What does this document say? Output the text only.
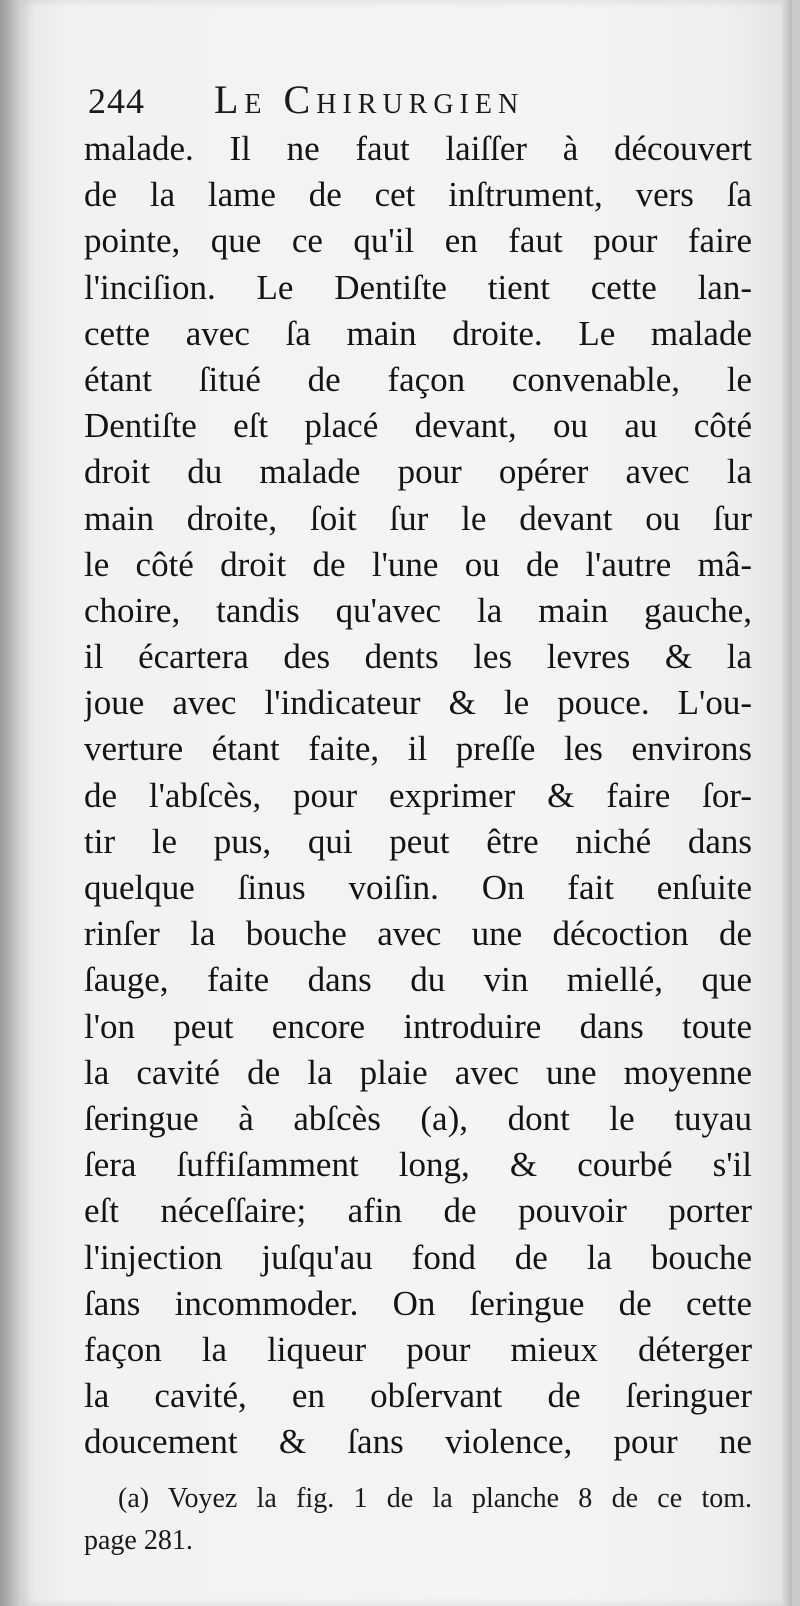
244 Le Chirurgien
malade. Il ne faut laiſſer à découvert
de la lame de cet inſtrument, vers ſa
pointe, que ce qu'il en faut pour faire
l'inciſion. Le Dentiſte tient cette lan-
cette avec ſa main droite. Le malade
étant ſitué de façon convenable, le
Dentiſte eſt placé devant, ou au côté
droit du malade pour opérer avec la
main droite, ſoit ſur le devant ou ſur
le côté droit de l'une ou de l'autre mâ-
choire, tandis qu'avec la main gauche,
il écartera des dents les levres & la
joue avec l'indicateur & le pouce. L'ou-
verture étant faite, il preſſe les environs
de l'abſcès, pour exprimer & faire ſor-
tir le pus, qui peut être niché dans
quelque ſinus voiſin. On fait enſuite
rinſer la bouche avec une décoction de
ſauge, faite dans du vin miellé, que
l'on peut encore introduire dans toute
la cavité de la plaie avec une moyenne
ſeringue à abſcès (a), dont le tuyau
ſera ſuffiſamment long, & courbé s'il
eſt néceſſaire; afin de pouvoir porter
l'injection juſqu'au fond de la bouche
ſans incommoder. On ſeringue de cette
façon la liqueur pour mieux déterger
la cavité, en obſervant de ſeringuer
doucement & ſans violence, pour ne
(a) Voyez la fig. 1 de la planche 8 de ce tom.
page 281.
